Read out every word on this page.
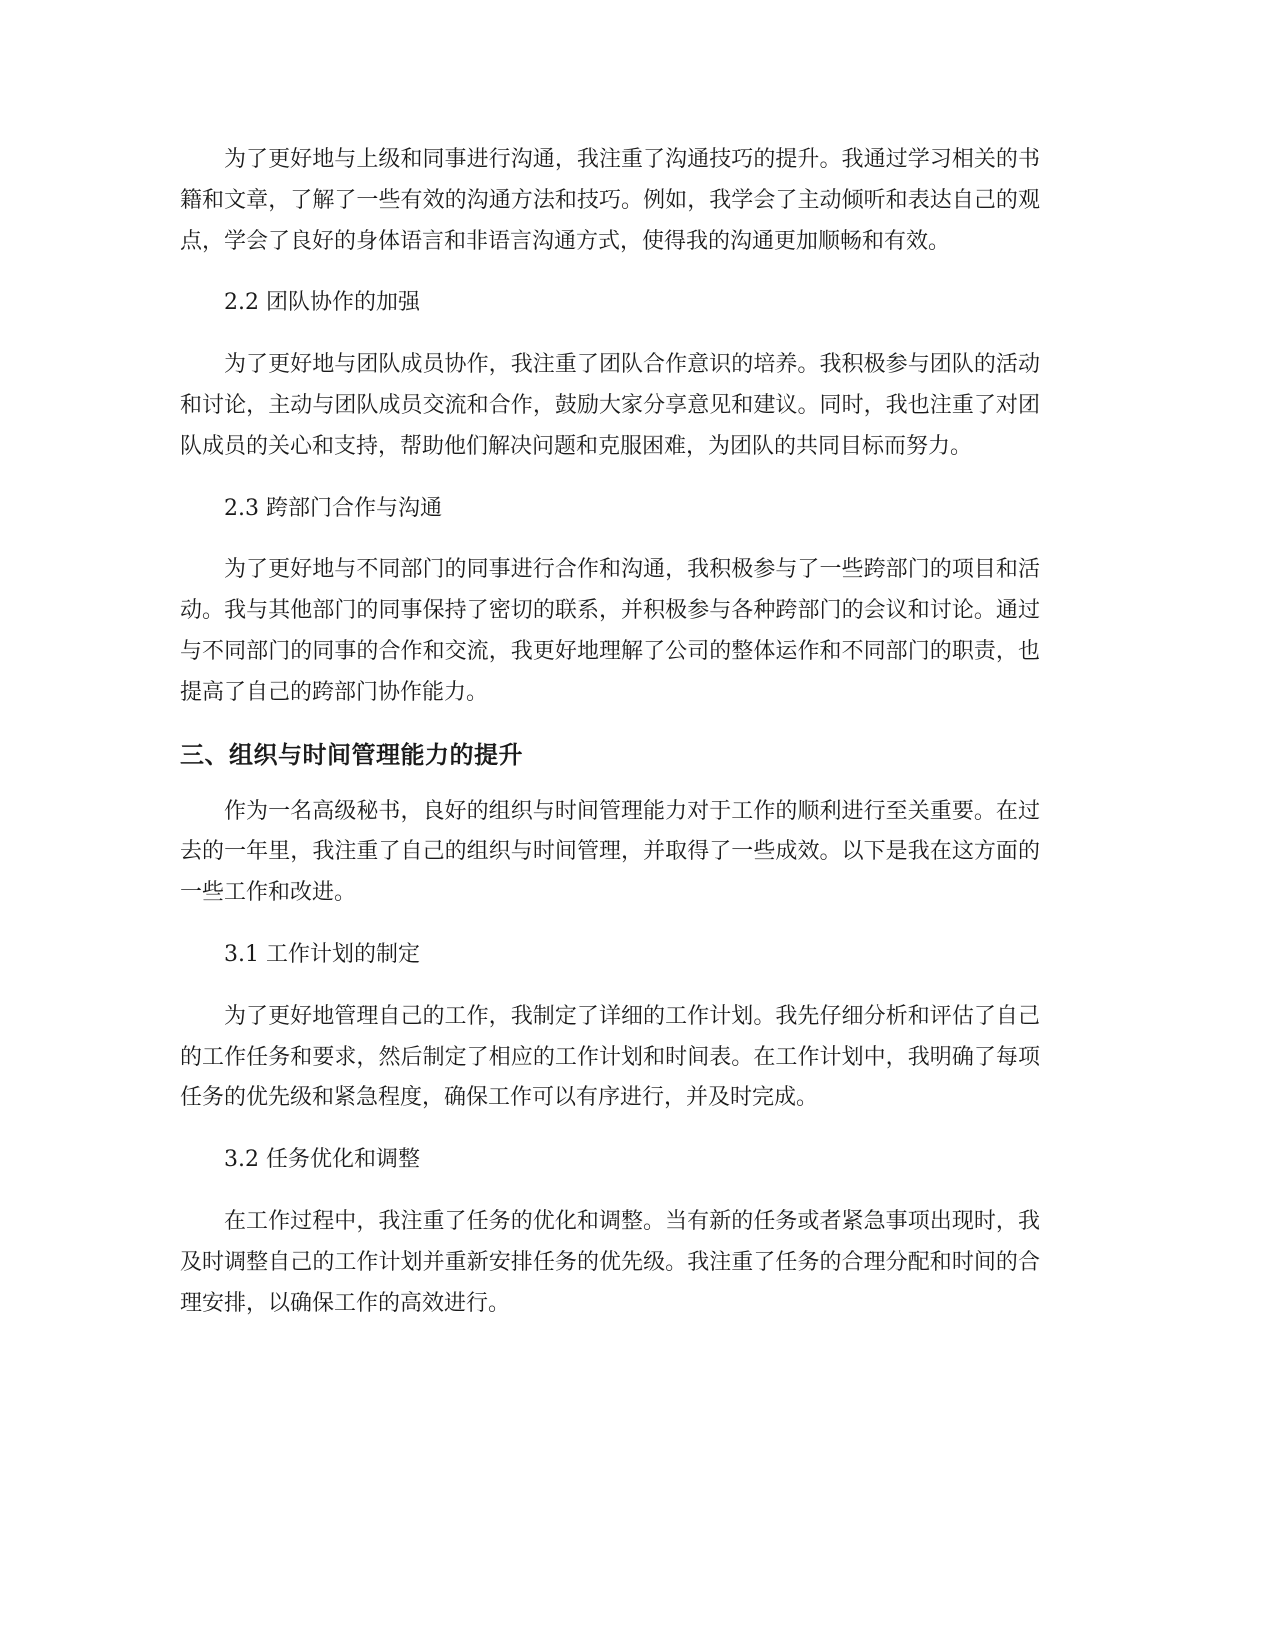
为了更好地与上级和同事进行沟通，我注重了沟通技巧的提升。我通过学习相关的书籍和文章，了解了一些有效的沟通方法和技巧。例如，我学会了主动倾听和表达自己的观点，学会了良好的身体语言和非语言沟通方式，使得我的沟通更加顺畅和有效。

2.2 团队协作的加强

为了更好地与团队成员协作，我注重了团队合作意识的培养。我积极参与团队的活动和讨论，主动与团队成员交流和合作，鼓励大家分享意见和建议。同时，我也注重了对团队成员的关心和支持，帮助他们解决问题和克服困难，为团队的共同目标而努力。

2.3 跨部门合作与沟通

为了更好地与不同部门的同事进行合作和沟通，我积极参与了一些跨部门的项目和活动。我与其他部门的同事保持了密切的联系，并积极参与各种跨部门的会议和讨论。通过与不同部门的同事的合作和交流，我更好地理解了公司的整体运作和不同部门的职责，也提高了自己的跨部门协作能力。

三、组织与时间管理能力的提升

作为一名高级秘书，良好的组织与时间管理能力对于工作的顺利进行至关重要。在过去的一年里，我注重了自己的组织与时间管理，并取得了一些成效。以下是我在这方面的一些工作和改进。

3.1 工作计划的制定

为了更好地管理自己的工作，我制定了详细的工作计划。我先仔细分析和评估了自己的工作任务和要求，然后制定了相应的工作计划和时间表。在工作计划中，我明确了每项任务的优先级和紧急程度，确保工作可以有序进行，并及时完成。

3.2 任务优化和调整

在工作过程中，我注重了任务的优化和调整。当有新的任务或者紧急事项出现时，我及时调整自己的工作计划并重新安排任务的优先级。我注重了任务的合理分配和时间的合理安排，以确保工作的高效进行。
